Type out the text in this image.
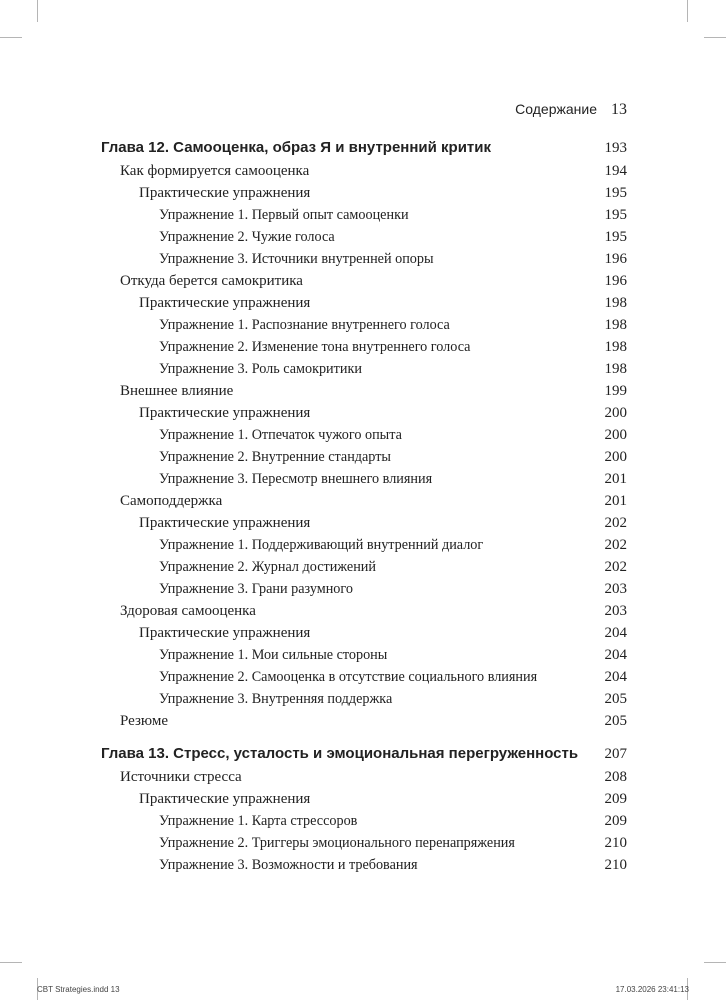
Содержание 13
Глава 12. Самооценка, образ Я и внутренний критик	193
Как формируется самооценка	194
Практические упражнения	195
Упражнение 1. Первый опыт самооценки	195
Упражнение 2. Чужие голоса	195
Упражнение 3. Источники внутренней опоры	196
Откуда берется самокритика	196
Практические упражнения	198
Упражнение 1. Распознание внутреннего голоса	198
Упражнение 2. Изменение тона внутреннего голоса	198
Упражнение 3. Роль самокритики	198
Внешнее влияние	199
Практические упражнения	200
Упражнение 1. Отпечаток чужого опыта	200
Упражнение 2. Внутренние стандарты	200
Упражнение 3. Пересмотр внешнего влияния	201
Самоподдержка	201
Практические упражнения	202
Упражнение 1. Поддерживающий внутренний диалог	202
Упражнение 2. Журнал достижений	202
Упражнение 3. Грани разумного	203
Здоровая самооценка	203
Практические упражнения	204
Упражнение 1. Мои сильные стороны	204
Упражнение 2. Самооценка в отсутствие социального влияния	204
Упражнение 3. Внутренняя поддержка	205
Резюме	205
Глава 13. Стресс, усталость и эмоциональная перегруженность 207
Источники стресса	208
Практические упражнения	209
Упражнение 1. Карта стрессоров	209
Упражнение 2. Триггеры эмоционального перенапряжения	210
Упражнение 3. Возможности и требования	210
CBT Strategies.indd 13	17.03.2026 23:41:13
